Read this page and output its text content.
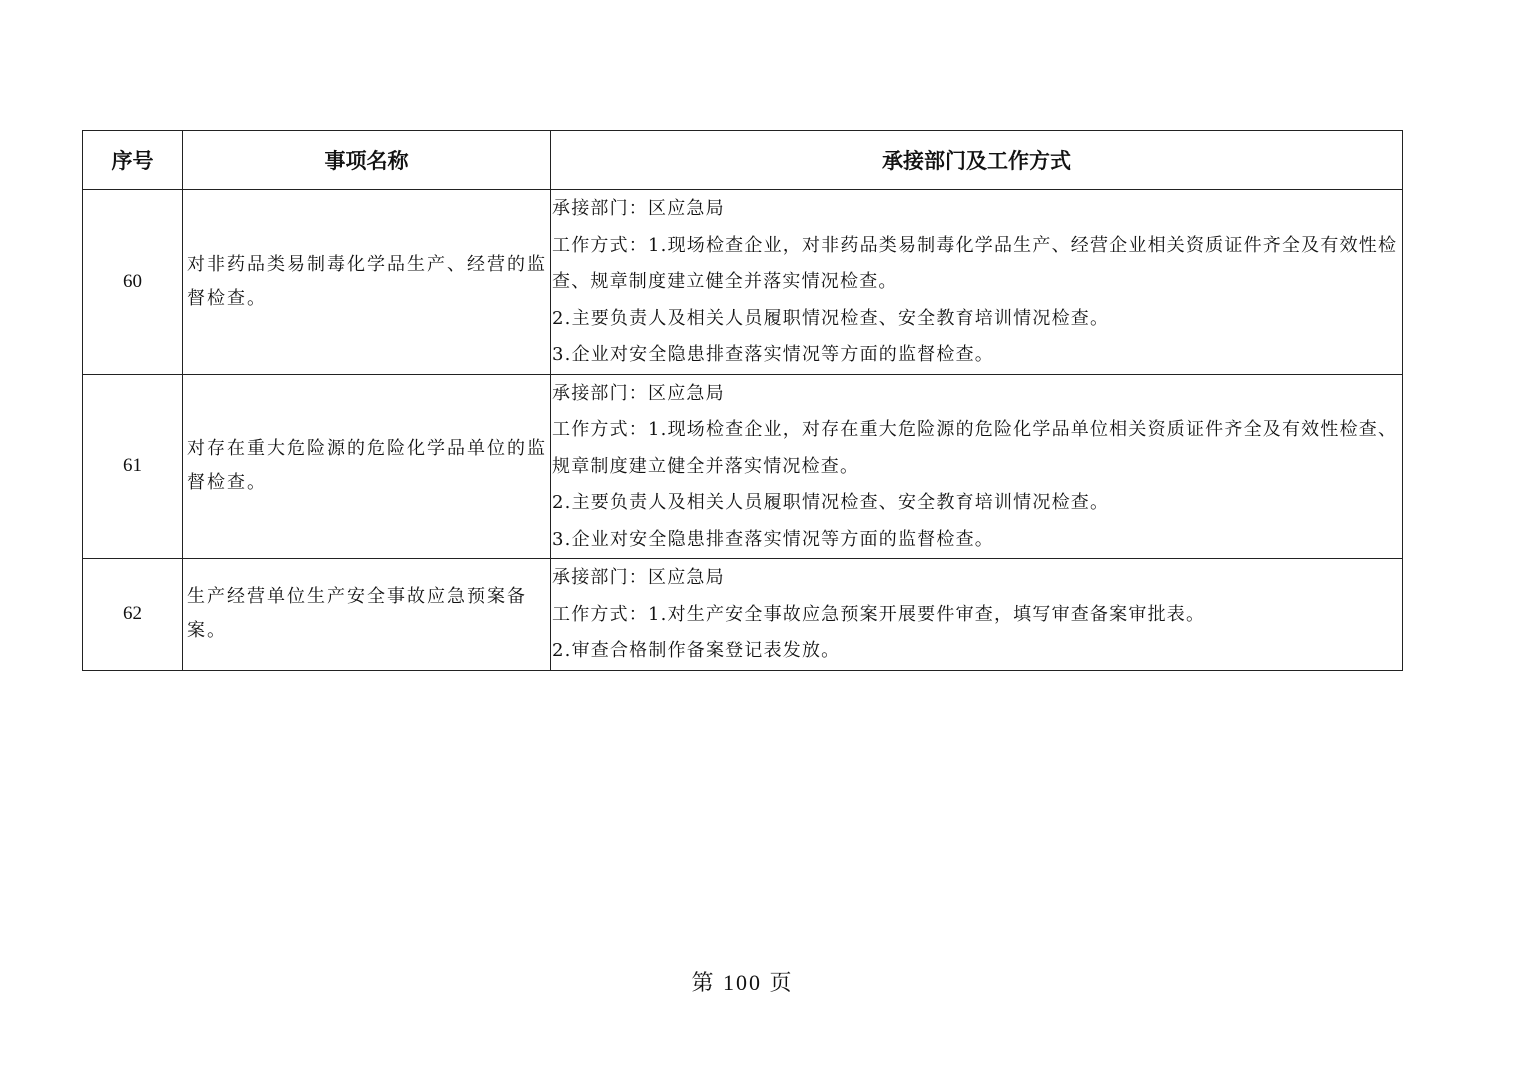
序号	事项名称	承接部门及工作方式
60	对非药品类易制毒化学品生产、经营的监督检查。	承接部门：区应急局
工作方式：1.现场检查企业，对非药品类易制毒化学品生产、经营企业相关资质证件齐全及有效性检查、规章制度建立健全并落实情况检查。
2.主要负责人及相关人员履职情况检查、安全教育培训情况检查。
3.企业对安全隐患排查落实情况等方面的监督检查。

61	对存在重大危险源的危险化学品单位的监督检查。	承接部门：区应急局
工作方式：1.现场检查企业，对存在重大危险源的危险化学品单位相关资质证件齐全及有效性检查、规章制度建立健全并落实情况检查。
2.主要负责人及相关人员履职情况检查、安全教育培训情况检查。
3.企业对安全隐患排查落实情况等方面的监督检查。

62	生产经营单位生产安全事故应急预案备案。	承接部门：区应急局
工作方式：1.对生产安全事故应急预案开展要件审查，填写审查备案审批表。
2.审查合格制作备案登记表发放。
第 100 页
